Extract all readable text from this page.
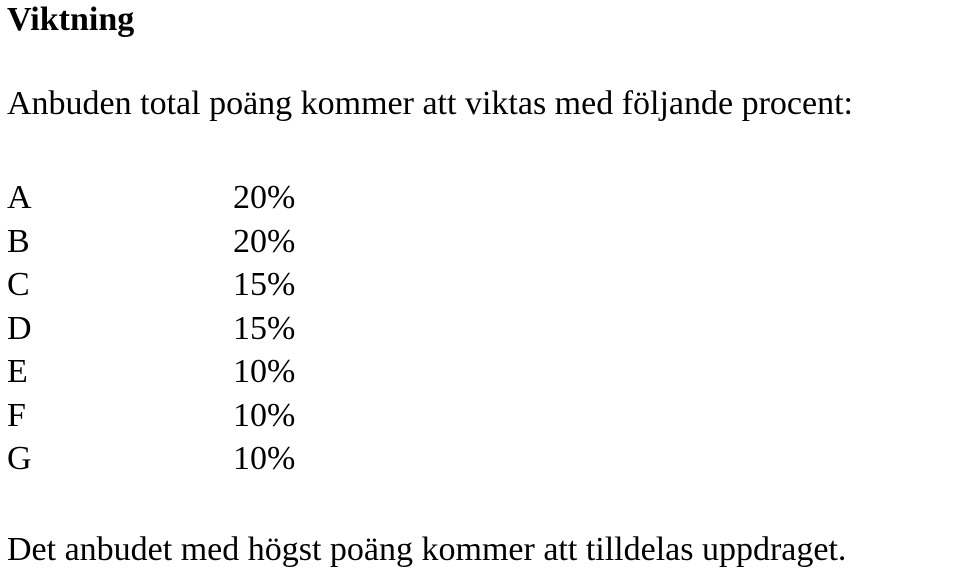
Viktning

Anbuden total poäng kommer att viktas med följande procent:

A	20%
B	20%
C	15%
D	15%
E	10%
F	10%
G	10%

Det anbudet med högst poäng kommer att tilldelas uppdraget.
